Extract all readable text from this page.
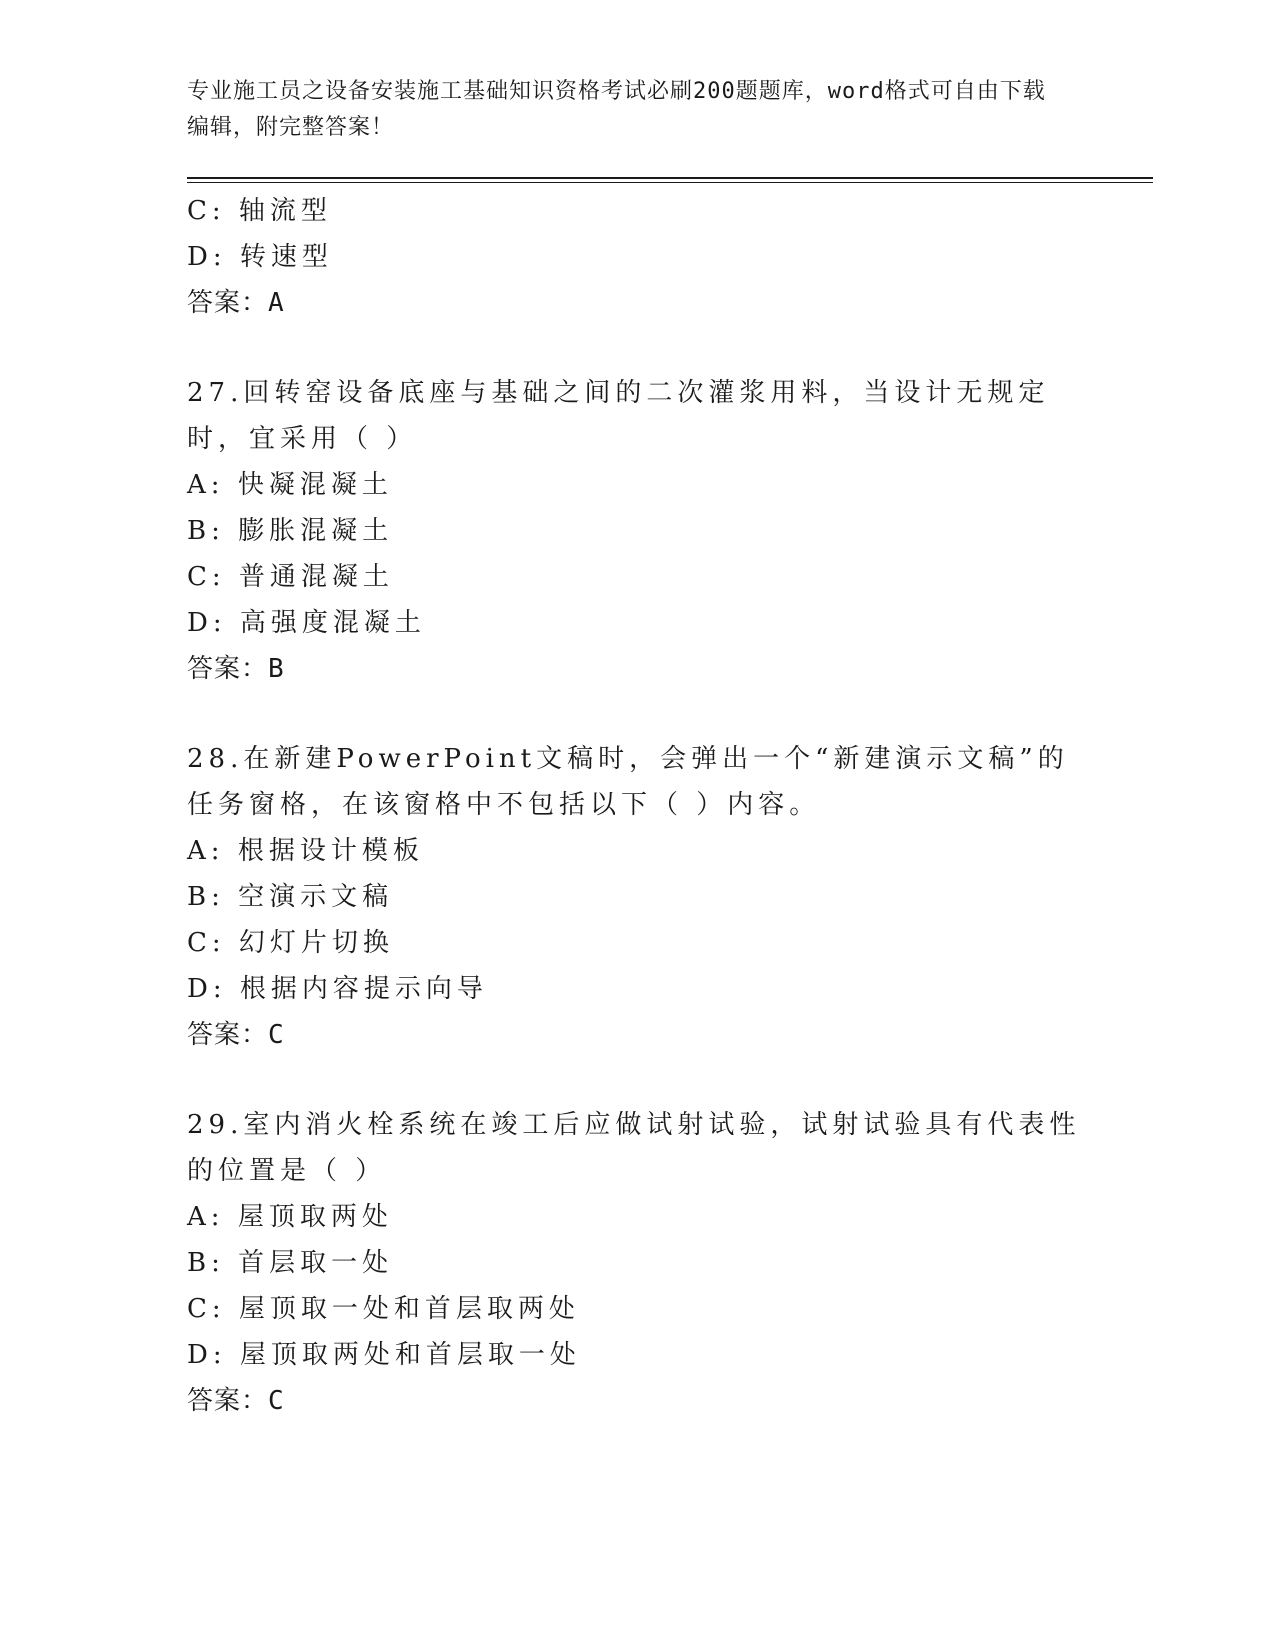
专业施工员之设备安装施工基础知识资格考试必刷200题题库，word格式可自由下载编辑，附完整答案！
C: 轴流型
D: 转速型
答案：A
27.回转窑设备底座与基础之间的二次灌浆用料，当设计无规定时，宜采用（ ）
A: 快凝混凝土
B: 膨胀混凝土
C: 普通混凝土
D: 高强度混凝土
答案：B
28.在新建PowerPoint文稿时，会弹出一个“新建演示文稿”的任务窗格，在该窗格中不包括以下（ ）内容。
A: 根据设计模板
B: 空演示文稿
C: 幻灯片切换
D: 根据内容提示向导
答案：C
29.室内消火栓系统在竣工后应做试射试验，试射试验具有代表性的位置是（ ）
A: 屋顶取两处
B: 首层取一处
C: 屋顶取一处和首层取两处
D: 屋顶取两处和首层取一处
答案：C
